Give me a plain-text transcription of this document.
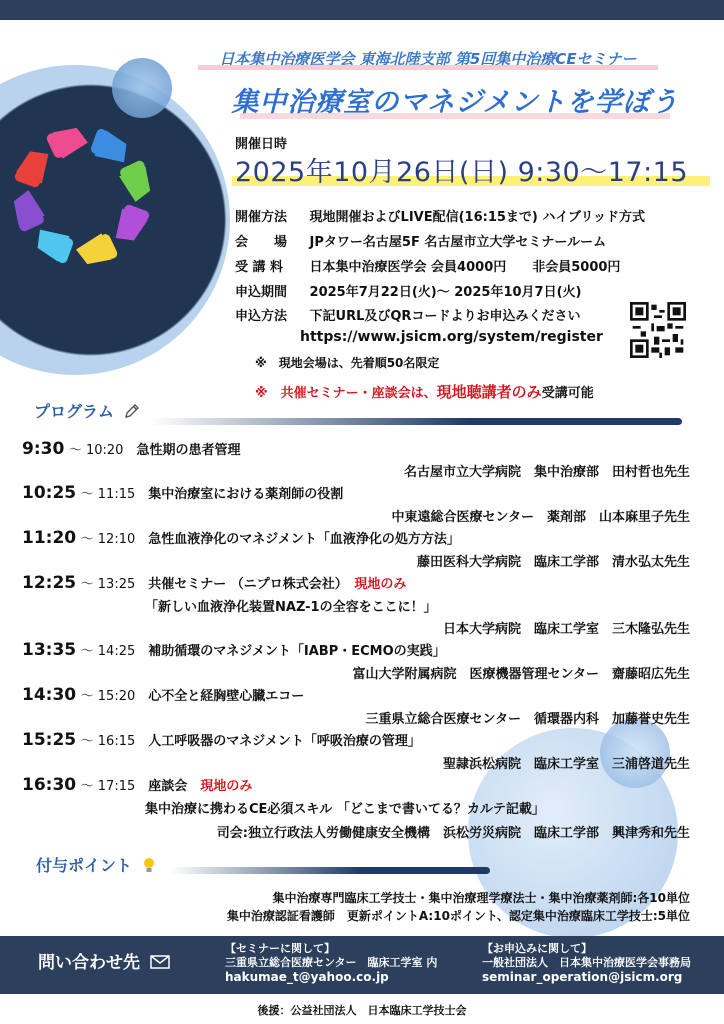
日本集中治療医学会 東海北陸支部 第5回集中治療CEセミナー
集中治療室のマネジメントを学ぼう
開催日時
2025年10月26日(日) 9:30～17:15
開催方法 現地開催およびLIVE配信(16:15まで) ハイブリッド方式
会　　場 JPタワー名古屋5F 名古屋市立大学セミナールーム
受 講 料 日本集中治療医学会 会員4000円　　非会員5000円
申込期間 2025年7月22日(火)～ 2025年10月7日(火)
申込方法 下記URL及びQRコードよりお申込みください
https://www.jsicm.org/system/register
※　 現地会場は、先着順50名限定
※　 共催セミナー・座談会は、現地聴講者のみ受講可能
プログラム
9:30 ～ 10:20　 急性期の患者管理
名古屋市立大学病院　集中治療部　田村哲也先生
10:25 ～ 11:15　 集中治療室における薬剤師の役割
中東遠総合医療センター　薬剤部　山本麻里子先生
11:20 ～ 12:10　 急性血液浄化のマネジメント「血液浄化の処方方法」
藤田医科大学病院　臨床工学部　清水弘太先生
12:25 ～ 13:25　 共催セミナー （ニプロ株式会社）　 現地のみ
「新しい血液浄化装置NAZ-1の全容をここに！」
日本大学病院　臨床工学室　三木隆弘先生
13:35 ～ 14:25　 補助循環のマネジメント「IABP・ECMOの実践」
富山大学附属病院　医療機器管理センター　齋藤昭広先生
14:30 ～ 15:20　 心不全と経胸壁心臓エコー
三重県立総合医療センター　循環器内科　加藤誉史先生
15:25 ～ 16:15　 人工呼吸器のマネジメント「呼吸治療の管理」
聖隷浜松病院　臨床工学室　三浦啓道先生
16:30 ～ 17:15　 座談会　 現地のみ
集中治療に携わるCE必須スキル 「どこまで書いてる？カルテ記載」
司会:独立行政法人労働健康安全機構　浜松労災病院　臨床工学部　興津秀和先生
付与ポイント
集中治療専門臨床工学技士・集中治療理学療法士・集中治療薬剤師:各10単位
集中治療認証看護師　更新ポイントA:10ポイント、認定集中治療臨床工学技士:5単位
問い合わせ先
【セミナーに関して】
三重県立総合医療センター　臨床工学室 内
hakumae_t@yahoo.co.jp
【お申込みに関して】
一般社団法人　日本集中治療医学会事務局
seminar_operation@jsicm.org
後援：公益社団法人　日本臨床工学技士会
